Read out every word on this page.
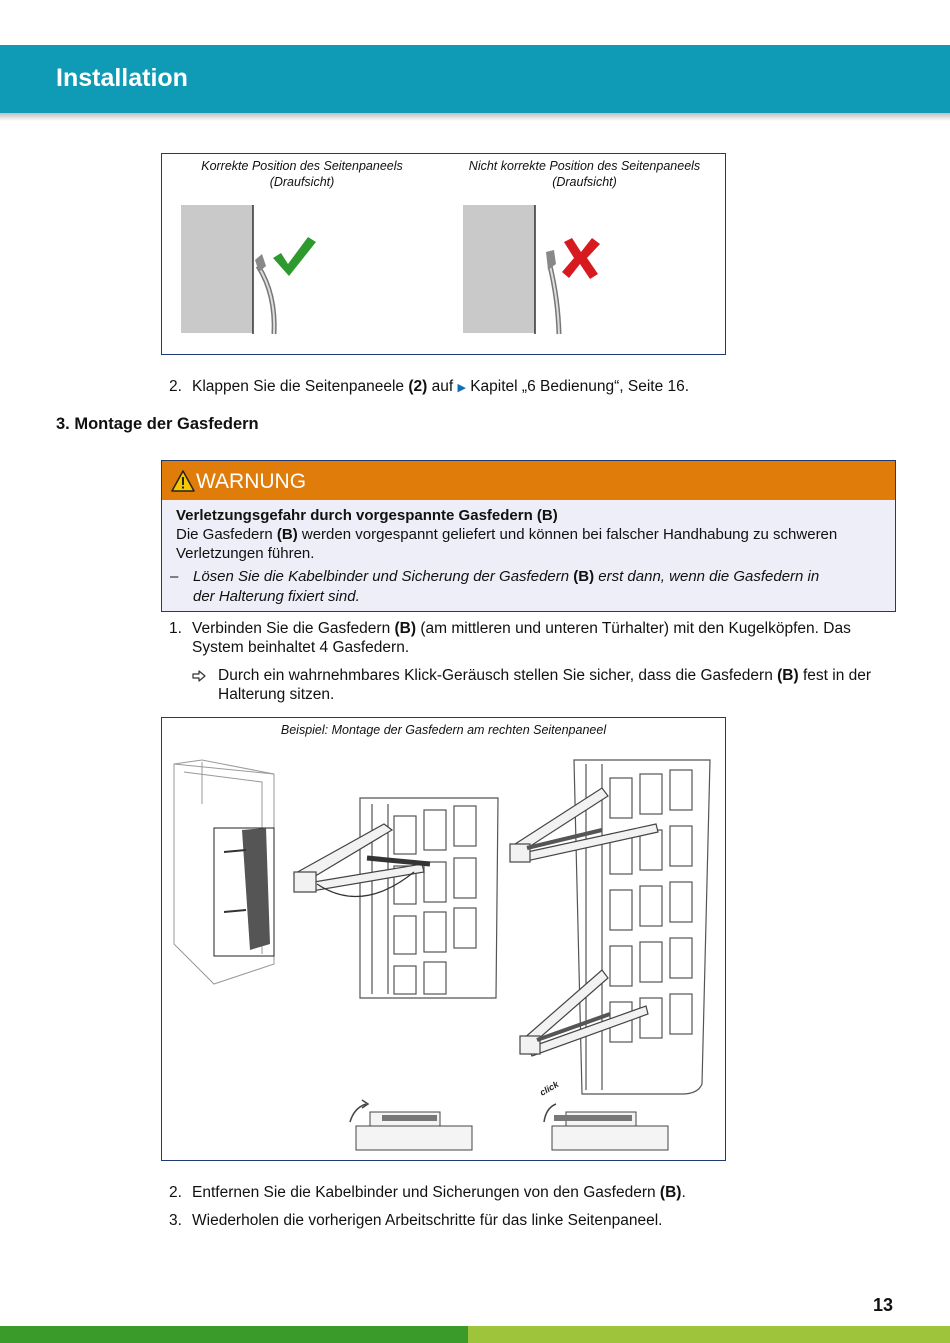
Installation
Korrekte Position des Seitenpaneels
(Draufsicht)
Nicht korrekte Position des Seitenpaneels
(Draufsicht)
2. Klappen Sie die Seitenpaneele (2) auf ▶ Kapitel „6 Bedienung“, Seite 16.
3. Montage der Gasfedern
WARNUNG
Verletzungsgefahr durch vorgespannte Gasfedern (B)
Die Gasfedern (B) werden vorgespannt geliefert und können bei falscher Handhabung zu schweren
Verletzungen führen.
– Lösen Sie die Kabelbinder und Sicherung der Gasfedern (B) erst dann, wenn die Gasfedern in
der Halterung fixiert sind.
1. Verbinden Sie die Gasfedern (B) (am mittleren und unteren Türhalter) mit den Kugelköpfen. Das
System beinhaltet 4 Gasfedern.
Durch ein wahrnehmbares Klick-Geräusch stellen Sie sicher, dass die Gasfedern (B) fest in der
Halterung sitzen.
Beispiel: Montage der Gasfedern am rechten Seitenpaneel
click
2. Entfernen Sie die Kabelbinder und Sicherungen von den Gasfedern (B).
3. Wiederholen die vorherigen Arbeitschritte für das linke Seitenpaneel.
13
